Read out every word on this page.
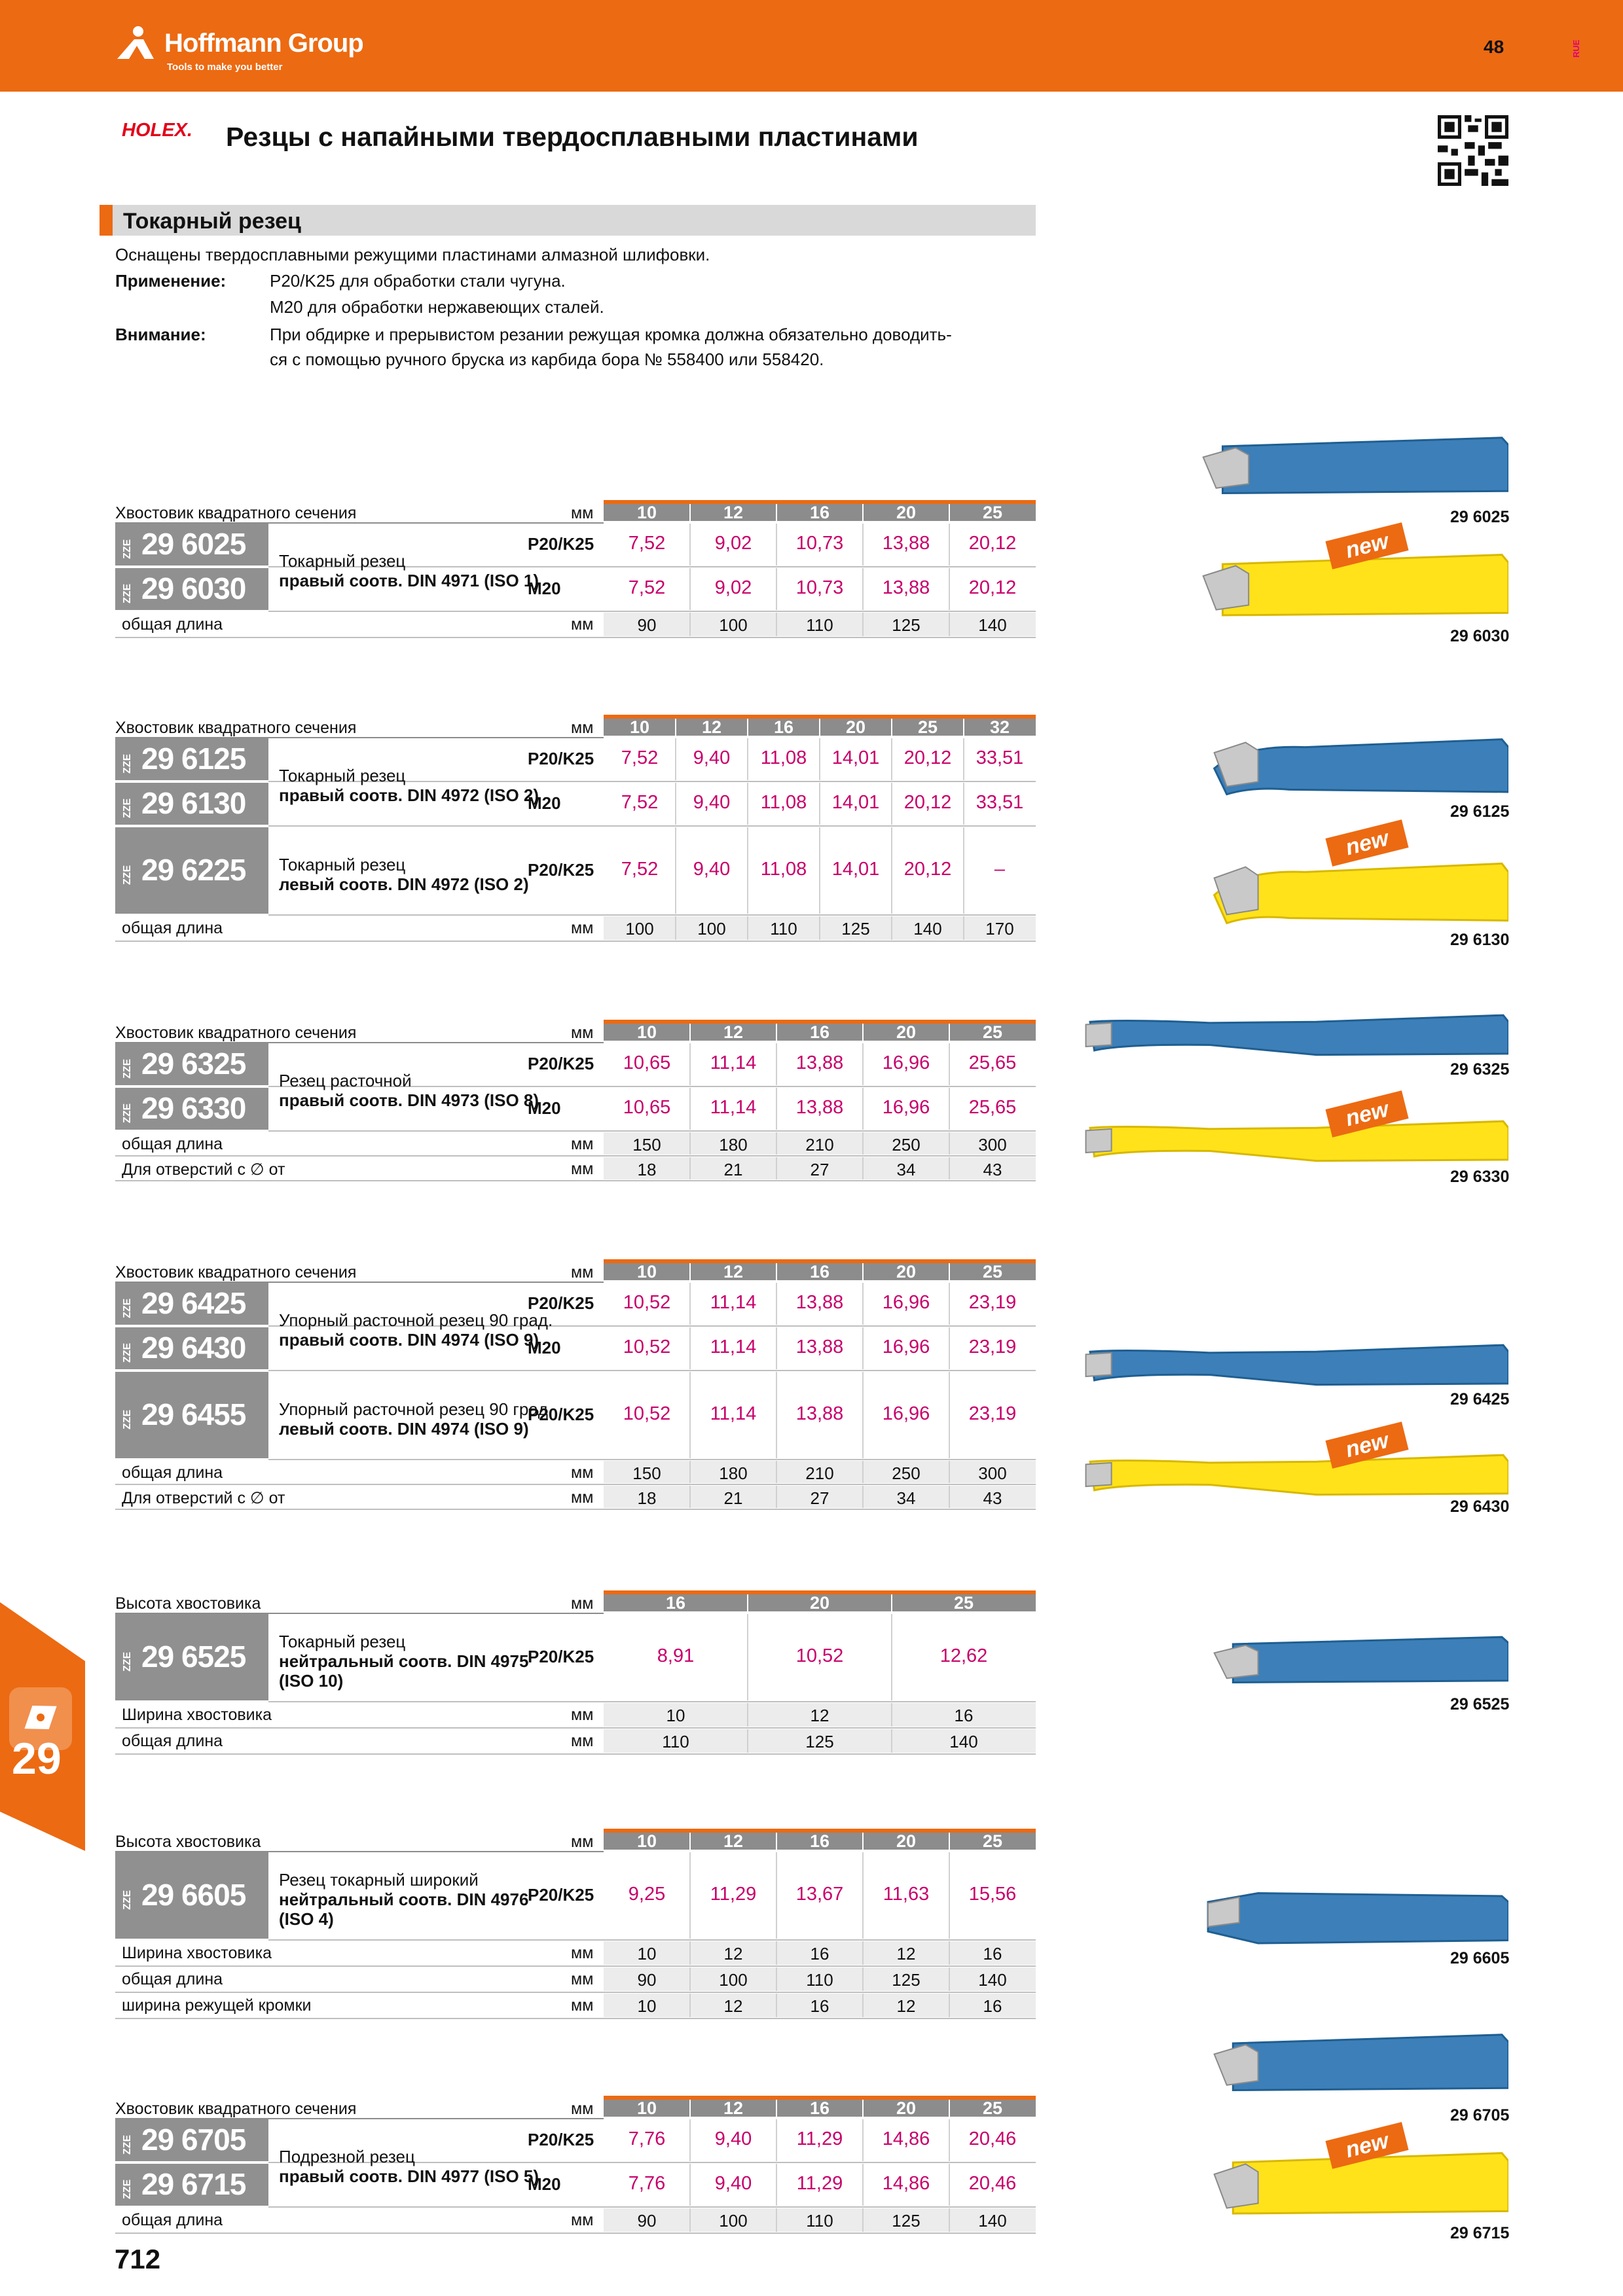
Hoffmann Group
Tools to make you better
48	RUE
HOLEX. Резцы с напайными твердосплавными пластинами
Токарный резец
Оснащены твердосплавными режущими пластинами алмазной шлифовки.
Применение:	P20/K25 для обработки стали чугуна.
M20 для обработки нержавеющих сталей.
Внимание:	При обдирке и прерывистом резании режущая кромка должна обязательно доводить-
ся с помощью ручного бруска из карбида бора № 558400 или 558420.
Хвостовик квадратного сечения	мм	10	12	16	20	25
ZZE 29 6025	P20/K25	7,52	9,02	10,73	13,88	20,12
ZZE 29 6030	M20	7,52	9,02	10,73	13,88	20,12
Токарный резец
правый соотв. DIN 4971 (ISO 1)
общая длина	мм	90	100	110	125	140
Хвостовик квадратного сечения	мм	10	12	16	20	25	32
ZZE 29 6125	P20/K25	7,52	9,40	11,08	14,01	20,12	33,51
ZZE 29 6130	M20	7,52	9,40	11,08	14,01	20,12	33,51
ZZE 29 6225	P20/K25	7,52	9,40	11,08	14,01	20,12	–
Токарный резец
правый соотв. DIN 4972 (ISO 2)
Токарный резец
левый соотв. DIN 4972 (ISO 2)
общая длина	мм	100	100	110	125	140	170
Хвостовик квадратного сечения	мм	10	12	16	20	25
ZZE 29 6325	P20/K25	10,65	11,14	13,88	16,96	25,65
ZZE 29 6330	M20	10,65	11,14	13,88	16,96	25,65
Резец расточной
правый соотв. DIN 4973 (ISO 8)
общая длина	мм	150	180	210	250	300
Для отверстий с ∅ от	мм	18	21	27	34	43
Хвостовик квадратного сечения	мм	10	12	16	20	25
ZZE 29 6425	P20/K25	10,52	11,14	13,88	16,96	23,19
ZZE 29 6430	M20	10,52	11,14	13,88	16,96	23,19
ZZE 29 6455	P20/K25	10,52	11,14	13,88	16,96	23,19
Упорный расточной резец 90 град.
правый соотв. DIN 4974 (ISO 9)
Упорный расточной резец 90 град.
левый соотв. DIN 4974 (ISO 9)
общая длина	мм	150	180	210	250	300
Для отверстий с ∅ от	мм	18	21	27	34	43
Высота хвостовика	мм	16	20	25
ZZE 29 6525	P20/K25	8,91	10,52	12,62
Токарный резец
нейтральный соотв. DIN 4975
(ISO 10)
Ширина хвостовика	мм	10	12	16
общая длина	мм	110	125	140
Высота хвостовика	мм	10	12	16	20	25
ZZE 29 6605	P20/K25	9,25	11,29	13,67	11,63	15,56
Резец токарный широкий
нейтральный соотв. DIN 4976
(ISO 4)
Ширина хвостовика	мм	10	12	16	12	16
общая длина	мм	90	100	110	125	140
ширина режущей кромки	мм	10	12	16	12	16
Хвостовик квадратного сечения	мм	10	12	16	20	25
ZZE 29 6705	P20/K25	7,76	9,40	11,29	14,86	20,46
ZZE 29 6715	M20	7,76	9,40	11,29	14,86	20,46
Подрезной резец
правый соотв. DIN 4977 (ISO 5)
общая длина	мм	90	100	110	125	140
29 6025
29 6030
29 6125
29 6130
29 6325
29 6330
29 6425
29 6430
29 6525
29 6605
29 6705
29 6715
new
new
new
new
new
29
712
